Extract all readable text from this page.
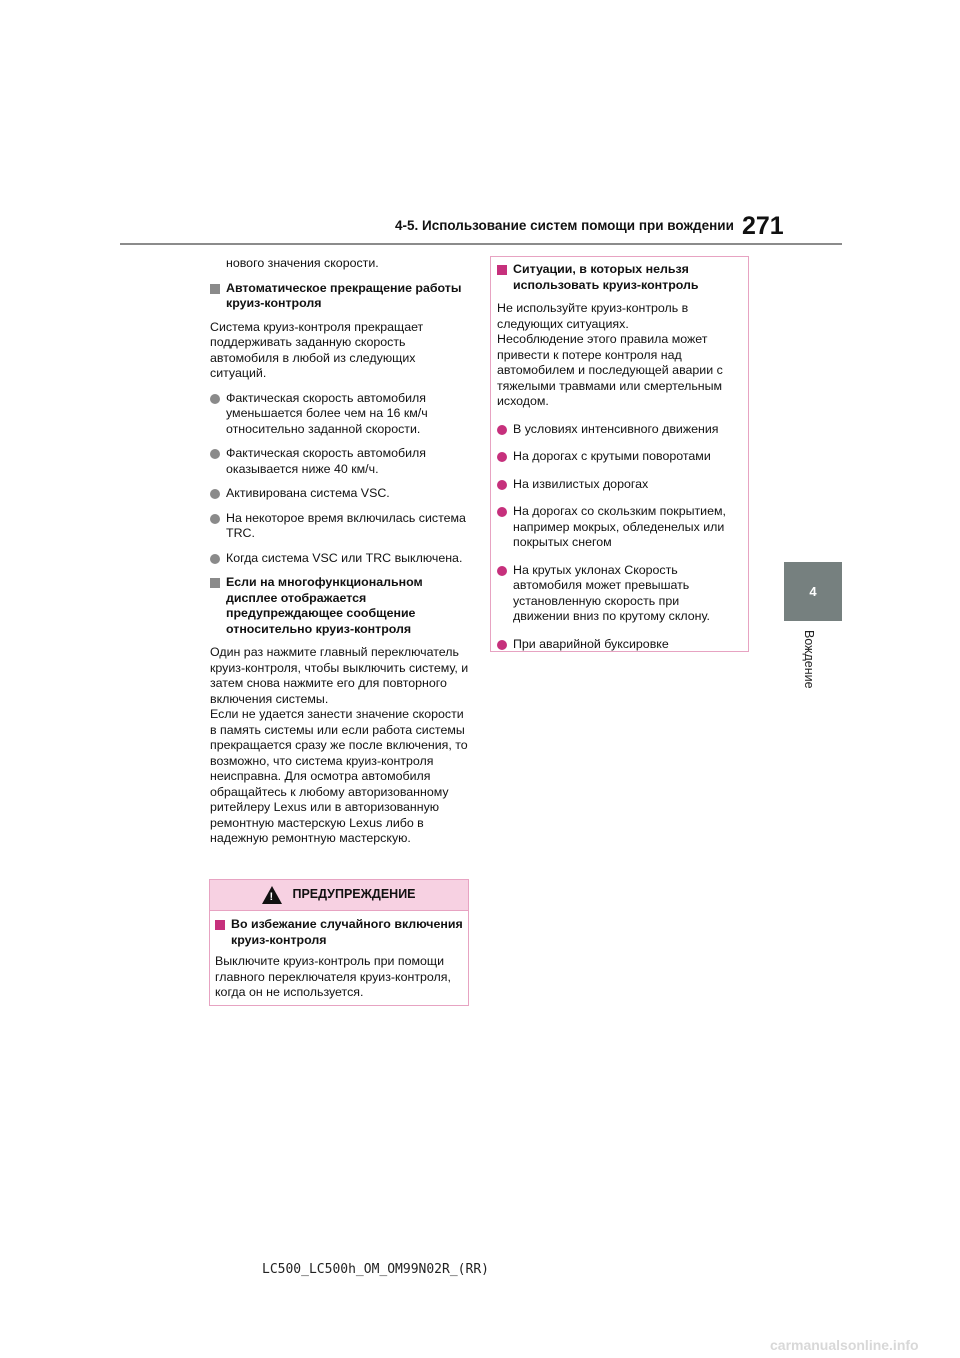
4-5. Использование систем помощи при вождении 271
4
Вождение

нового значения скорости.

Автоматическое прекращение работы круиз-контроля

Система круиз-контроля прекращает поддерживать заданную скорость автомобиля в любой из следующих ситуаций.

Фактическая скорость автомобиля уменьшается более чем на 16 км/ч относительно заданной скорости.
Фактическая скорость автомобиля оказывается ниже 40 км/ч.
Активирована система VSC.
На некоторое время включилась система TRC.
Когда система VSC или TRC выключена.
Если на многофункциональном дисплее отображается предупреждающее сообщение относительно круиз-контроля

Один раз нажмите главный переключатель круиз-контроля, чтобы выключить систему, и затем снова нажмите его для повторного включения системы.

Если не удается занести значение скорости в память системы или если работа системы прекращается сразу же после включения, то возможно, что система круиз-контроля неисправна. Для осмотра автомобиля обращайтесь к любому авторизованному ритейлеру Lexus или в авторизованную ремонтную мастерскую Lexus либо в надежную ремонтную мастерскую.

! ПРЕДУПРЕЖДЕНИЕ
Во избежание случайного включения круиз-контроля

Выключите круиз-контроль при помощи главного переключателя круиз-контроля, когда он не используется.

Ситуации, в которых нельзя использовать круиз-контроль

Не используйте круиз-контроль в следующих ситуациях.

Несоблюдение этого правила может привести к потере контроля над автомобилем и последующей аварии с тяжелыми травмами или смертельным исходом.

В условиях интенсивного движения
На дорогах с крутыми поворотами
На извилистых дорогах
На дорогах со скользким покрытием, например мокрых, обледенелых или покрытых снегом
На крутых уклонах Скорость автомобиля может превышать установленную скорость при движении вниз по крутому склону.
При аварийной буксировке
LC500_LC500h_OM_OM99N02R_(RR)
carmanualsonline.info
